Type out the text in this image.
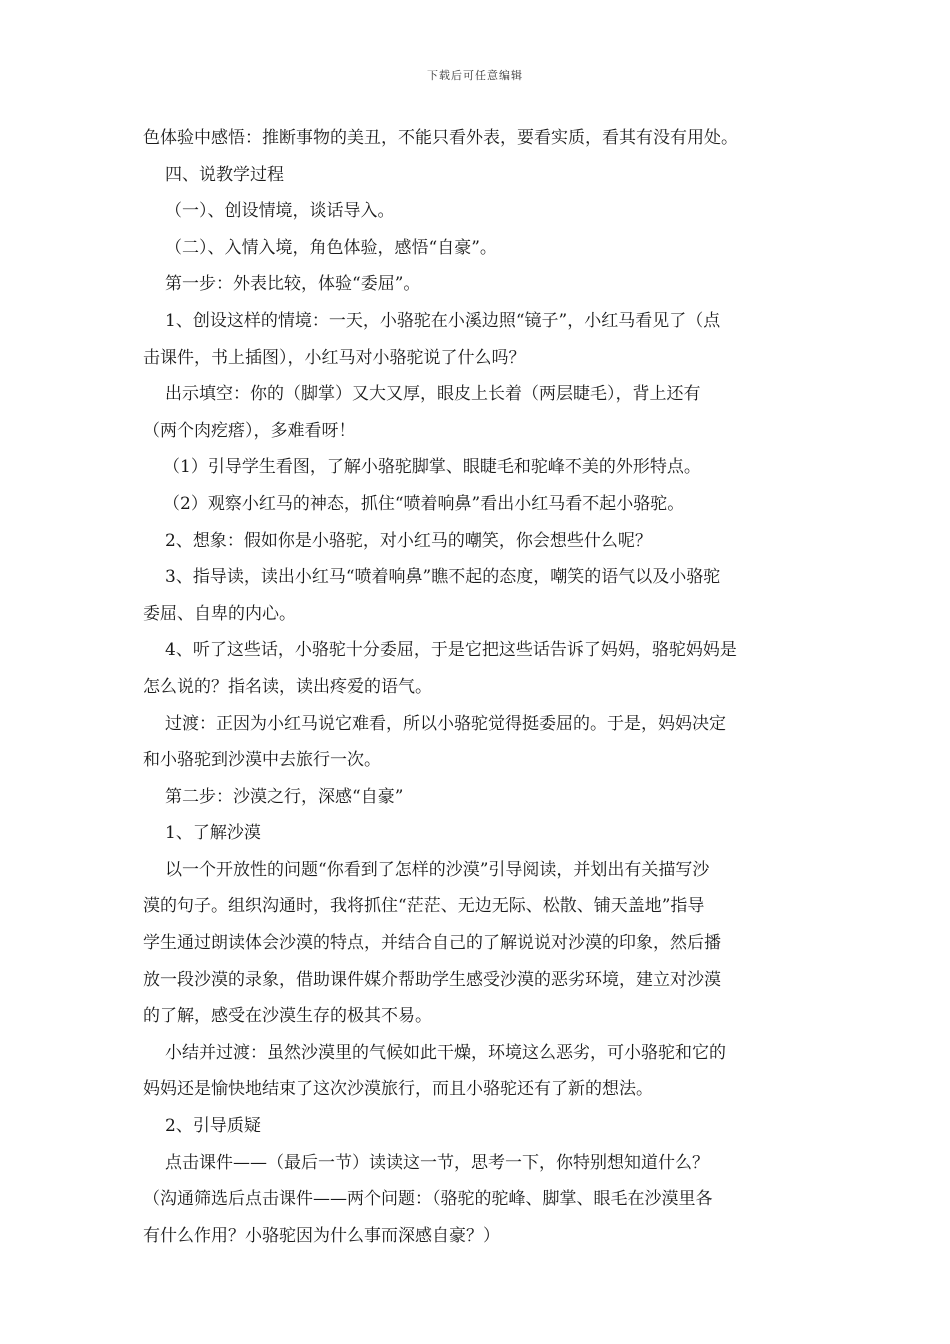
下载后可任意编辑
色体验中感悟：推断事物的美丑，不能只看外表，要看实质，看其有没有用处。
四、说教学过程
（一）、创设情境，谈话导入。
（二）、入情入境，角色体验，感悟“自豪”。
第一步：外表比较，体验“委屈”。
1、创设这样的情境：一天，小骆驼在小溪边照“镜子”，小红马看见了（点
击课件，书上插图），小红马对小骆驼说了什么吗？
出示填空：你的（脚掌）又大又厚，眼皮上长着（两层睫毛），背上还有
（两个肉疙瘩），多难看呀！
（1）引导学生看图，了解小骆驼脚掌、眼睫毛和驼峰不美的外形特点。
（2）观察小红马的神态，抓住“喷着响鼻”看出小红马看不起小骆驼。
2、想象：假如你是小骆驼，对小红马的嘲笑，你会想些什么呢？
3、指导读，读出小红马“喷着响鼻”瞧不起的态度，嘲笑的语气以及小骆驼
委屈、自卑的内心。
4、听了这些话，小骆驼十分委屈，于是它把这些话告诉了妈妈，骆驼妈妈是
怎么说的？指名读，读出疼爱的语气。
过渡：正因为小红马说它难看，所以小骆驼觉得挺委屈的。于是，妈妈决定
和小骆驼到沙漠中去旅行一次。
第二步：沙漠之行，深感“自豪”
1、了解沙漠
以一个开放性的问题“你看到了怎样的沙漠”引导阅读，并划出有关描写沙
漠的句子。组织沟通时，我将抓住“茫茫、无边无际、松散、铺天盖地”指导
学生通过朗读体会沙漠的特点，并结合自己的了解说说对沙漠的印象，然后播
放一段沙漠的录象，借助课件媒介帮助学生感受沙漠的恶劣环境，建立对沙漠
的了解，感受在沙漠生存的极其不易。
小结并过渡：虽然沙漠里的气候如此干燥，环境这么恶劣，可小骆驼和它的
妈妈还是愉快地结束了这次沙漠旅行，而且小骆驼还有了新的想法。
2、引导质疑
点击课件——（最后一节）读读这一节，思考一下，你特别想知道什么？
（沟通筛选后点击课件——两个问题：（骆驼的驼峰、脚掌、眼毛在沙漠里各
有什么作用？小骆驼因为什么事而深感自豪？）
